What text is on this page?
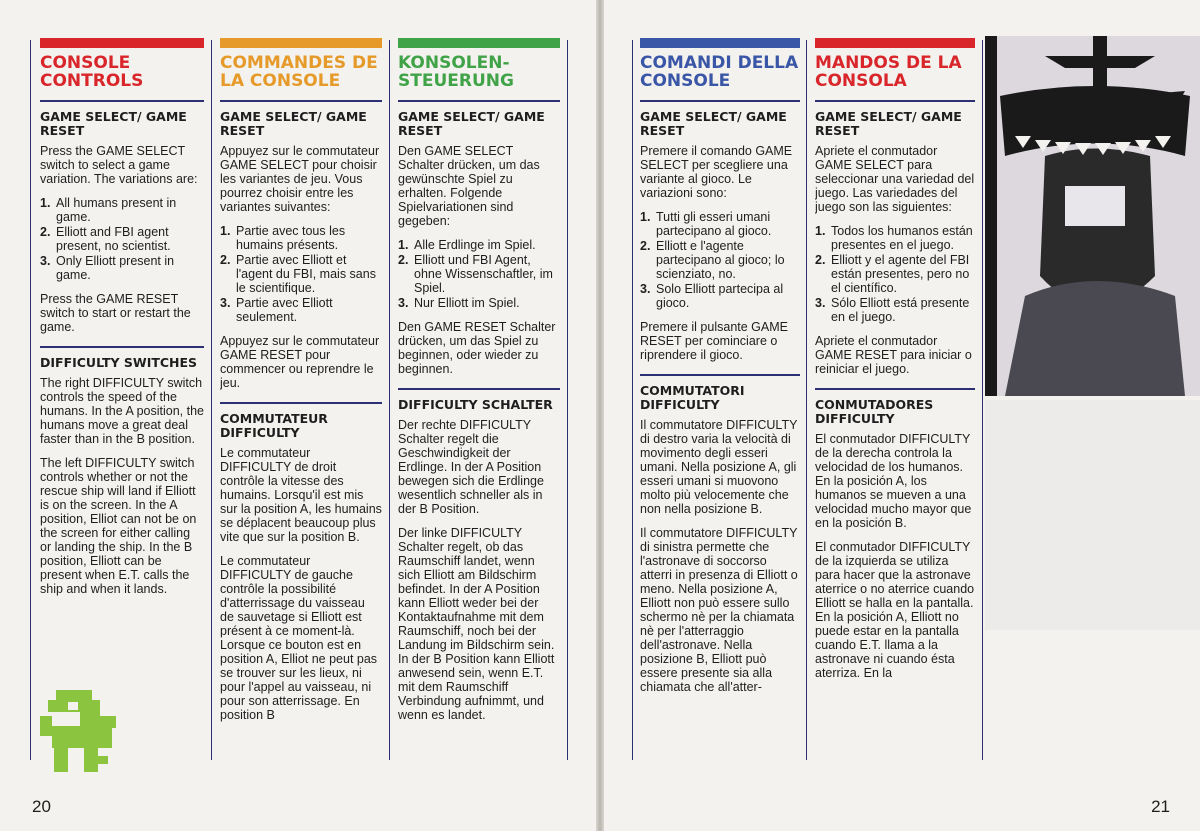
CONSOLE CONTROLS
GAME SELECT/ GAME RESET
Press the GAME SELECT switch to select a game variation. The variations are:
1. All humans present in game.
2. Elliott and FBI agent present, no scientist.
3. Only Elliott present in game.
Press the GAME RESET switch to start or restart the game.
DIFFICULTY SWITCHES
The right DIFFICULTY switch controls the speed of the humans. In the A position, the humans move a great deal faster than in the B position.
The left DIFFICULTY switch controls whether or not the rescue ship will land if Elliott is on the screen. In the A position, Elliot can not be on the screen for either calling or landing the ship. In the B position, Elliott can be present when E.T. calls the ship and when it lands.
COMMANDES DE LA CONSOLE
GAME SELECT/ GAME RESET
Appuyez sur le commutateur GAME SELECT pour choisir les variantes de jeu. Vous pourrez choisir entre les variantes suivantes:
1. Partie avec tous les humains présents.
2. Partie avec Elliott et l'agent du FBI, mais sans le scientifique.
3. Partie avec Elliott seulement.
Appuyez sur le commutateur GAME RESET pour commencer ou reprendre le jeu.
COMMUTATEUR DIFFICULTY
Le commutateur DIFFICULTY de droit contrôle la vitesse des humains. Lorsqu'il est mis sur la position A, les humains se déplacent beaucoup plus vite que sur la position B.
Le commutateur DIFFICULTY de gauche contrôle la possibilité d'atterrissage du vaisseau de sauvetage si Elliott est présent à ce moment-là. Lorsque ce bouton est en position A, Elliot ne peut pas se trouver sur les lieux, ni pour l'appel au vaisseau, ni pour son atterrissage. En position B
KONSOLEN-STEUERUNG
GAME SELECT/ GAME RESET
Den GAME SELECT Schalter drücken, um das gewünschte Spiel zu erhalten. Folgende Spielvariationen sind gegeben:
1. Alle Erdlinge im Spiel.
2. Elliott und FBI Agent, ohne Wissenschaftler, im Spiel.
3. Nur Elliott im Spiel.
Den GAME RESET Schalter drücken, um das Spiel zu beginnen, oder wieder zu beginnen.
DIFFICULTY SCHALTER
Der rechte DIFFICULTY Schalter regelt die Geschwindigkeit der Erdlinge. In der A Position bewegen sich die Erdlinge wesentlich schneller als in der B Position.
Der linke DIFFICULTY Schalter regelt, ob das Raumschiff landet, wenn sich Elliott am Bildschirm befindet. In der A Position kann Elliott weder bei der Kontaktaufnahme mit dem Raumschiff, noch bei der Landung im Bildschirm sein. In der B Position kann Elliott anwesend sein, wenn E.T. mit dem Raumschiff Verbindung aufnimmt, und wenn es landet.
COMANDI DELLA CONSOLE
GAME SELECT/ GAME RESET
Premere il comando GAME SELECT per scegliere una variante al gioco. Le variazioni sono:
1. Tutti gli esseri umani partecipano al gioco.
2. Elliott e l'agente partecipano al gioco; lo scienziato, no.
3. Solo Elliott partecipa al gioco.
Premere il pulsante GAME RESET per cominciare o riprendere il gioco.
COMMUTATORI DIFFICULTY
Il commutatore DIFFICULTY di destro varia la velocità di movimento degli esseri umani. Nella posizione A, gli esseri umani si muovono molto più velocemente che non nella posizione B.
Il commutatore DIFFICULTY di sinistra permette che l'astronave di soccorso atterri in presenza di Elliott o meno. Nella posizione A, Elliott non può essere sullo schermo nè per la chiamata nè per l'atterraggio dell'astronave. Nella posizione B, Elliott può essere presente sia alla chiamata che all'atter-
MANDOS DE LA CONSOLA
GAME SELECT/ GAME RESET
Apriete el conmutador GAME SELECT para seleccionar una variedad del juego. Las variedades del juego son las siguientes:
1. Todos los humanos están presentes en el juego.
2. Elliott y el agente del FBI están presentes, pero no el científico.
3. Sólo Elliott está presente en el juego.
Apriete el conmutador GAME RESET para iniciar o reiniciar el juego.
CONMUTADORES DIFFICULTY
El conmutador DIFFICULTY de la derecha controla la velocidad de los humanos. En la posición A, los humanos se mueven a una velocidad mucho mayor que en la posición B.
El conmutador DIFFICULTY de la izquierda se utiliza para hacer que la astronave aterrice o no aterrice cuando Elliott se halla en la pantalla. En la posición A, Elliott no puede estar en la pantalla cuando E.T. llama a la astronave ni cuando ésta aterriza. En la
20	21
